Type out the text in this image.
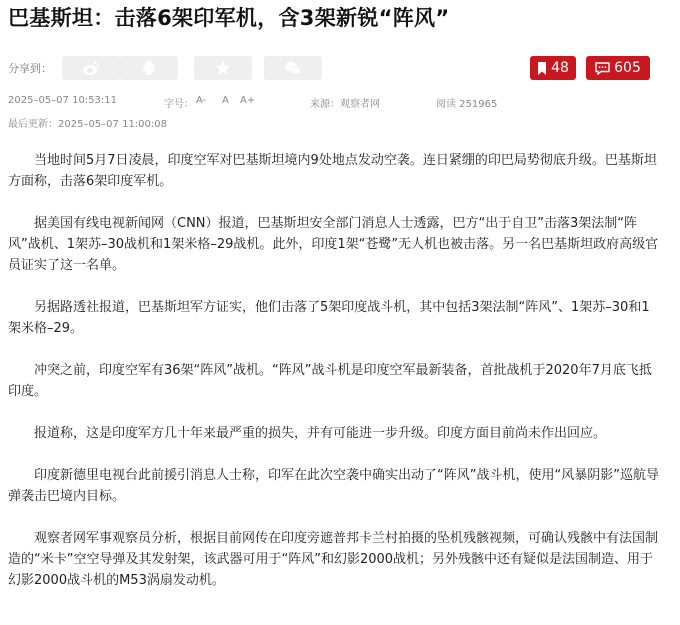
巴基斯坦：击落6架印军机，含3架新锐“阵风”
分享到：	48	605
2025–05–07 10:53:11	字号： A- A A+	来源：观察者网	阅读 251965
最后更新：2025–05–07 11:00:08

当地时间5月7日凌晨，印度空军对巴基斯坦境内9处地点发动空袭。连日紧绷的印巴局势彻底升级。巴基斯坦方面称，击落6架印度军机。

据美国有线电视新闻网（CNN）报道，巴基斯坦安全部门消息人士透露，巴方“出于自卫”击落3架法制“阵风”战机、1架苏–30战机和1架米格–29战机。此外，印度1架“苍鹭”无人机也被击落。另一名巴基斯坦政府高级官员证实了这一名单。

另据路透社报道，巴基斯坦军方证实，他们击落了5架印度战斗机，其中包括3架法制“阵风”、1架苏–30和1架米格–29。

冲突之前，印度空军有36架“阵风”战机。“阵风”战斗机是印度空军最新装备，首批战机于2020年7月底飞抵印度。

报道称，这是印度军方几十年来最严重的损失，并有可能进一步升级。印度方面目前尚未作出回应。

印度新德里电视台此前援引消息人士称，印军在此次空袭中确实出动了“阵风”战斗机，使用“风暴阴影”巡航导弹袭击巴境内目标。

观察者网军事观察员分析，根据目前网传在印度旁遮普邦卡兰村拍摄的坠机残骸视频，可确认残骸中有法国制造的“米卡”空空导弹及其发射架，该武器可用于“阵风”和幻影2000战机；另外残骸中还有疑似是法国制造、用于幻影2000战斗机的M53涡扇发动机。
